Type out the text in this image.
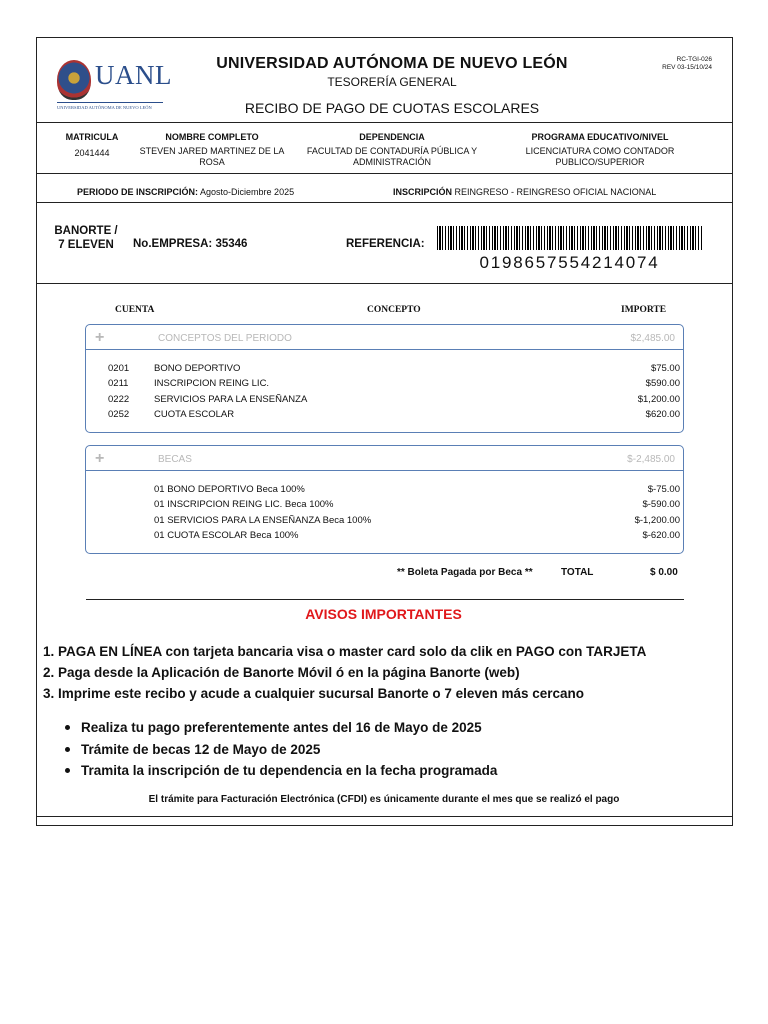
UANL
UNIVERSIDAD AUTÓNOMA DE NUEVO LEÓN
UNIVERSIDAD AUTÓNOMA DE NUEVO LEÓN
TESORERÍA GENERAL
RECIBO DE PAGO DE CUOTAS ESCOLARES
RC-TGI-026
REV 03-15/10/24
MATRICULA
2041444
NOMBRE COMPLETO
STEVEN JARED MARTINEZ DE LA ROSA
DEPENDENCIA
FACULTAD DE CONTADURÍA PÚBLICA Y ADMINISTRACIÓN
PROGRAMA EDUCATIVO/NIVEL
LICENCIATURA COMO CONTADOR PUBLICO/SUPERIOR
PERIODO DE INSCRIPCIÓN: Agosto-Diciembre 2025	INSCRIPCIÓN REINGRESO - REINGRESO OFICIAL NACIONAL
BANORTE / 7 ELEVEN	No.EMPRESA: 35346	REFERENCIA:
0198657554214074
CUENTA	CONCEPTO	IMPORTE
+	CONCEPTOS DEL PERIODO	$2,485.00
0201	BONO DEPORTIVO	$75.00
0211	INSCRIPCION REING LIC.	$590.00
0222	SERVICIOS PARA LA ENSEÑANZA	$1,200.00
0252	CUOTA ESCOLAR	$620.00
+	BECAS	$-2,485.00
01 BONO DEPORTIVO Beca 100%	$-75.00
01 INSCRIPCION REING LIC. Beca 100%	$-590.00
01 SERVICIOS PARA LA ENSEÑANZA Beca 100%	$-1,200.00
01 CUOTA ESCOLAR Beca 100%	$-620.00
** Boleta Pagada por Beca **	TOTAL	$ 0.00
AVISOS IMPORTANTES
1. PAGA EN LÍNEA con tarjeta bancaria visa o master card solo da clik en PAGO con TARJETA
2. Paga desde la Aplicación de Banorte Móvil ó en la página Banorte (web)
3. Imprime este recibo y acude a cualquier sucursal Banorte o 7 eleven más cercano
Realiza tu pago preferentemente antes del 16 de Mayo de 2025
Trámite de becas 12 de Mayo de 2025
Tramita la inscripción de tu dependencia en la fecha programada
El trámite para Facturación Electrónica (CFDI) es únicamente durante el mes que se realizó el pago
